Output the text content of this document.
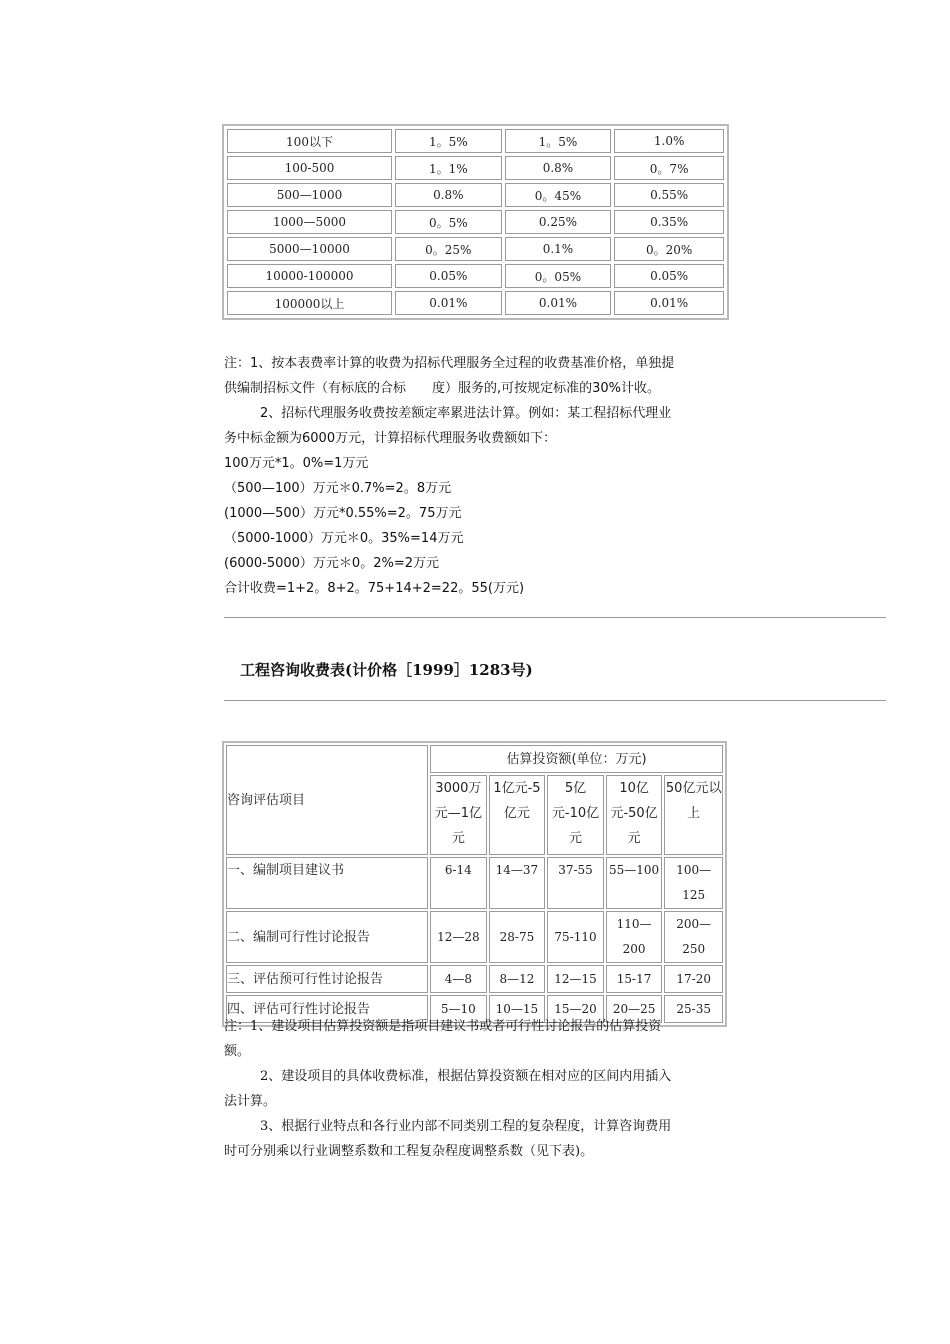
100以下	1。5%	1。5%	1.0%
100-500	1。1%	0.8%	0。7%
500—1000	0.8%	0。45%	0.55%
1000—5000	0。5%	0.25%	0.35%
5000—10000	0。25%	0.1%	0。20%
10000-100000	0.05%	0。05%	0.05%
100000以上	0.01%	0.01%	0.01%

注：1、按本表费率计算的收费为招标代理服务全过程的收费基准价格，单独提

供编制招标文件（有标底的合标　　度）服务的,可按规定标准的30%计收。

2、招标代理服务收费按差额定率累进法计算。例如：某工程招标代理业

务中标金额为6000万元，计算招标代理服务收费额如下：

100万元*1。0%=1万元

（500—100）万元＊0.7%=2。8万元

(1000—500）万元*0.55%=2。75万元

（5000-1000）万元＊0。35%=14万元

(6000-5000）万元＊0。2%=2万元

合计收费=1+2。8+2。75+14+2=22。55(万元)

工程咨询收费表(计价格［1999］1283号)
咨询评估项目	估算投资额(单位：万元)				
	3000万元—1亿元	1亿元-5亿元	5亿元-10亿元	10亿元-50亿元	50亿元以上
一、编制项目建议书	6-14	14—37	37-55	55—100	100—125
二、编制可行性讨论报告	12—28	28-75	75-110	110—200	200—250
三、评估预可行性讨论报告	4—8	8—12	12—15	15-17	17-20
四、评估可行性讨论报告	5—10	10—15	15—20	20—25	25-35

注：1、建设项目估算投资额是指项目建议书或者可行性讨论报告的估算投资

额。

2、建设项目的具体收费标准，根据估算投资额在相对应的区间内用插入

法计算。

3、根据行业特点和各行业内部不同类别工程的复杂程度，计算咨询费用

时可分别乘以行业调整系数和工程复杂程度调整系数（见下表)。
